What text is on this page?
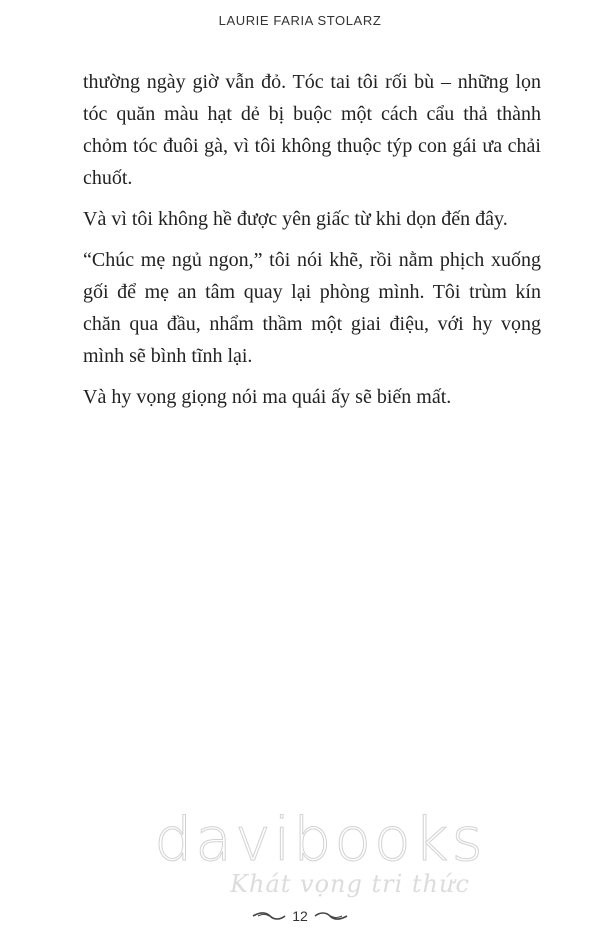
LAURIE FARIA STOLARZ

thường ngày giờ vẫn đỏ. Tóc tai tôi rối bù – những lọn tóc quăn màu hạt dẻ bị buộc một cách cẩu thả thành chỏm tóc đuôi gà, vì tôi không thuộc týp con gái ưa chải chuốt.

Và vì tôi không hề được yên giấc từ khi dọn đến đây.

“Chúc mẹ ngủ ngon,” tôi nói khẽ, rồi nằm phịch xuống gối để mẹ an tâm quay lại phòng mình. Tôi trùm kín chăn qua đầu, nhẩm thầm một giai điệu, với hy vọng mình sẽ bình tĩnh lại.

Và hy vọng giọng nói ma quái ấy sẽ biến mất.

davibooks
Khát vọng tri thức
12
